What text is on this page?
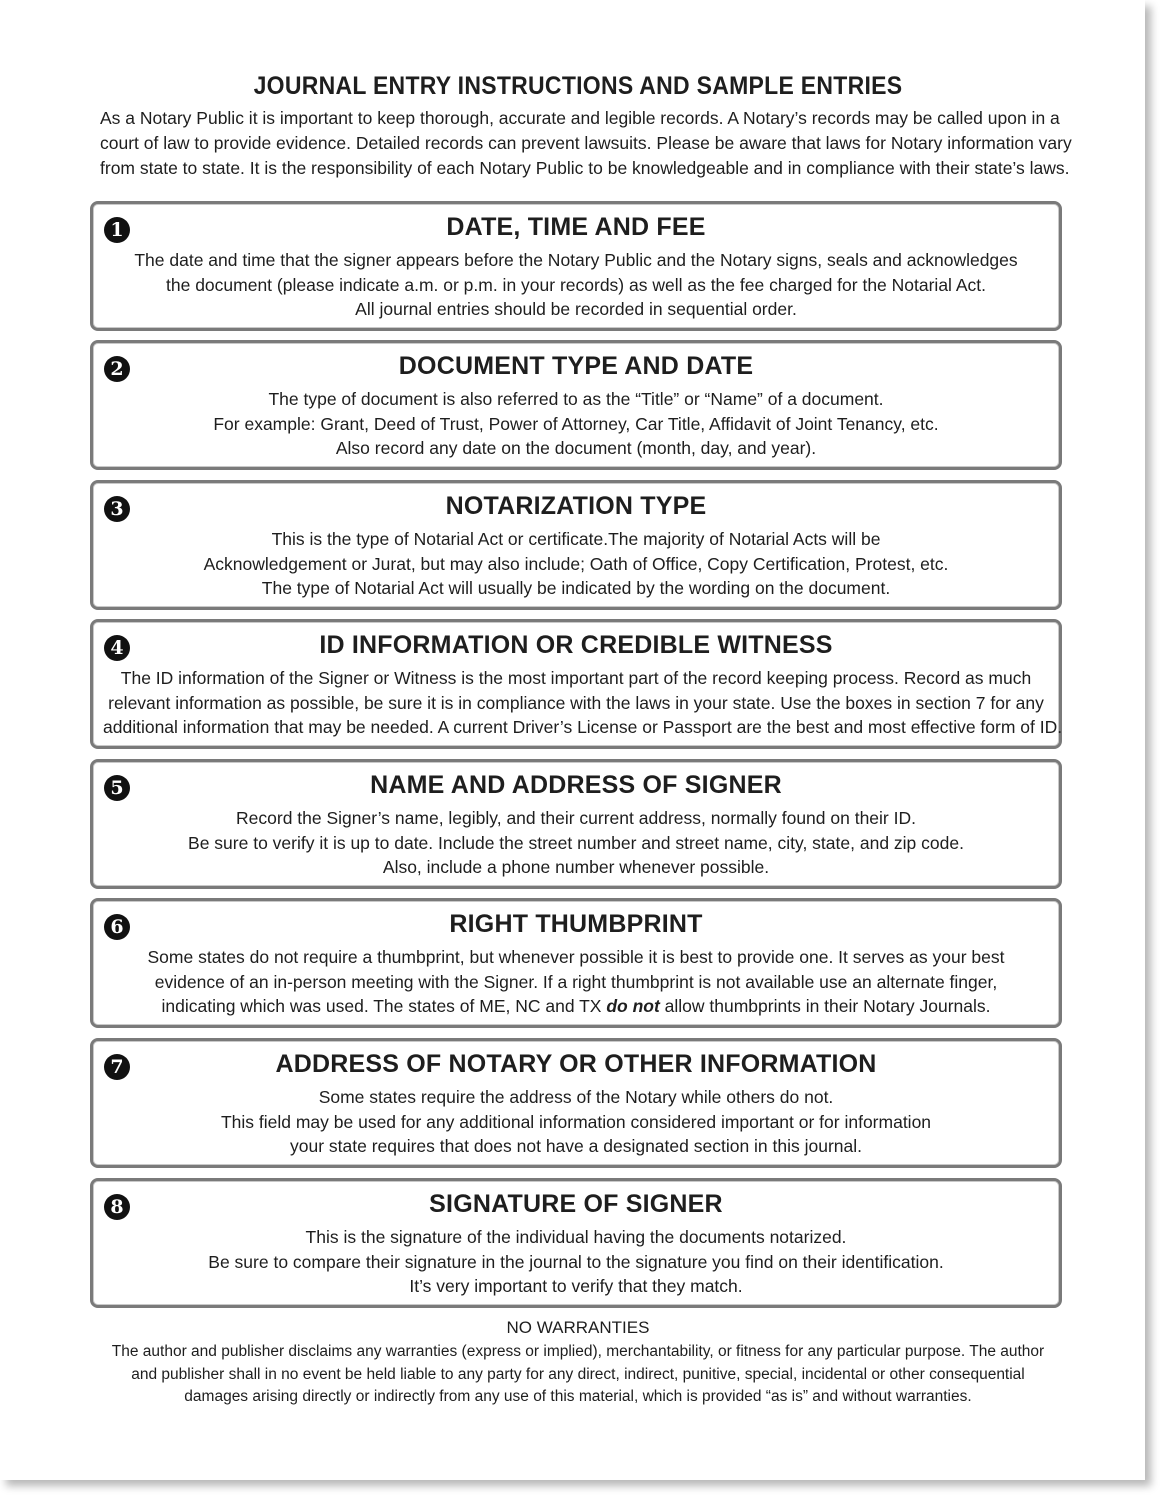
JOURNAL ENTRY INSTRUCTIONS AND SAMPLE ENTRIES
As a Notary Public it is important to keep thorough, accurate and legible records. A Notary’s records may be called upon in a
court of law to provide evidence. Detailed records can prevent lawsuits. Please be aware that laws for Notary information vary
from state to state. It is the responsibility of each Notary Public to be knowledgeable and in compliance with their state’s laws.
1	DATE, TIME AND FEE
The date and time that the signer appears before the Notary Public and the Notary signs, seals and acknowledges
the document (please indicate a.m. or p.m. in your records) as well as the fee charged for the Notarial Act.
All journal entries should be recorded in sequential order.
2	DOCUMENT TYPE AND DATE
The type of document is also referred to as the “Title” or “Name” of a document.
For example: Grant, Deed of Trust, Power of Attorney, Car Title, Affidavit of Joint Tenancy, etc.
Also record any date on the document (month, day, and year).
3	NOTARIZATION TYPE
This is the type of Notarial Act or certificate.The majority of Notarial Acts will be
Acknowledgement or Jurat, but may also include; Oath of Office, Copy Certification, Protest, etc.
The type of Notarial Act will usually be indicated by the wording on the document.
4	ID INFORMATION OR CREDIBLE WITNESS
The ID information of the Signer or Witness is the most important part of the record keeping process. Record as much
relevant information as possible, be sure it is in compliance with the laws in your state. Use the boxes in section 7 for any
additional information that may be needed. A current Driver’s License or Passport are the best and most effective form of ID.
5	NAME AND ADDRESS OF SIGNER
Record the Signer’s name, legibly, and their current address, normally found on their ID.
Be sure to verify it is up to date. Include the street number and street name, city, state, and zip code.
Also, include a phone number whenever possible.
6	RIGHT THUMBPRINT
Some states do not require a thumbprint, but whenever possible it is best to provide one. It serves as your best
evidence of an in-person meeting with the Signer. If a right thumbprint is not available use an alternate finger,
indicating which was used. The states of ME, NC and TX do not allow thumbprints in their Notary Journals.
7	ADDRESS OF NOTARY OR OTHER INFORMATION
Some states require the address of the Notary while others do not.
This field may be used for any additional information considered important or for information
your state requires that does not have a designated section in this journal.
8	SIGNATURE OF SIGNER
This is the signature of the individual having the documents notarized.
Be sure to compare their signature in the journal to the signature you find on their identification.
It’s very important to verify that they match.
NO WARRANTIES
The author and publisher disclaims any warranties (express or implied), merchantability, or fitness for any particular purpose. The author
and publisher shall in no event be held liable to any party for any direct, indirect, punitive, special, incidental or other consequential
damages arising directly or indirectly from any use of this material, which is provided “as is” and without warranties.
